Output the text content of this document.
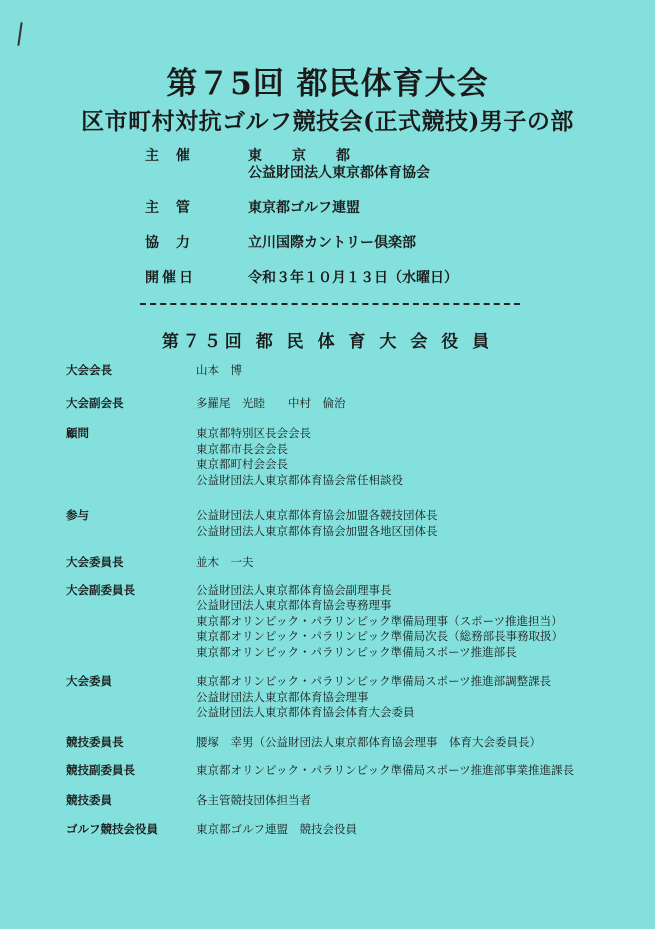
第７5回 都民体育大会
区市町村対抗ゴルフ競技会(正式競技)男子の部
主 催	東　京　都
公益財団法人東京都体育協会
主 管	東京都ゴルフ連盟
協 力	立川国際カントリー倶楽部
開催日	令和３年１０月１３日（水曜日）
第７５回 都 民 体 育 大 会 役 員
大会会長	山本　博
大会副会長	多羅尾　光睦　　中村　倫治
顧問	東京都特別区長会会長
東京都市長会会長
東京都町村会会長
公益財団法人東京都体育協会常任相談役
参与	公益財団法人東京都体育協会加盟各競技団体長
公益財団法人東京都体育協会加盟各地区団体長
大会委員長	並木　一夫
大会副委員長	公益財団法人東京都体育協会副理事長
公益財団法人東京都体育協会専務理事
東京都オリンピック・パラリンピック準備局理事（スポーツ推進担当）
東京都オリンピック・パラリンピック準備局次長（総務部長事務取扱）
東京都オリンピック・パラリンピック準備局スポーツ推進部長
大会委員	東京都オリンピック・パラリンピック準備局スポーツ推進部調整課長
公益財団法人東京都体育協会理事
公益財団法人東京都体育協会体育大会委員
競技委員長	腰塚　幸男（公益財団法人東京都体育協会理事　体育大会委員長）
競技副委員長	東京都オリンピック・パラリンピック準備局スポーツ推進部事業推進課長
競技委員	各主管競技団体担当者
ゴルフ競技会役員	東京都ゴルフ連盟　競技会役員
